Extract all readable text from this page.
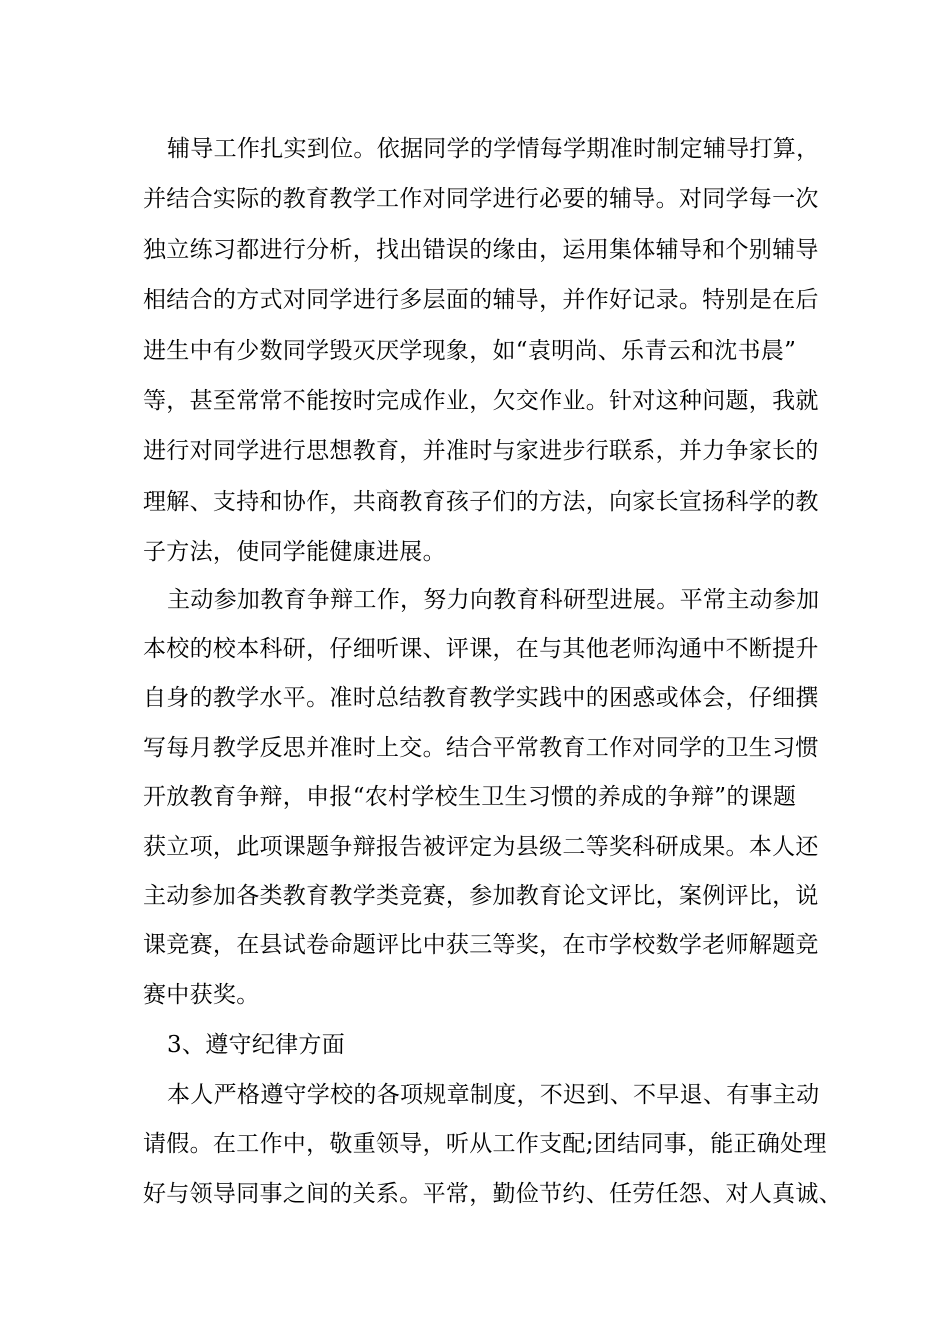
辅导工作扎实到位。依据同学的学情每学期准时制定辅导打算，
并结合实际的教育教学工作对同学进行必要的辅导。对同学每一次
独立练习都进行分析，找出错误的缘由，运用集体辅导和个别辅导
相结合的方式对同学进行多层面的辅导，并作好记录。特别是在后
进生中有少数同学毁灭厌学现象，如“袁明尚、乐青云和沈书晨”
等，甚至常常不能按时完成作业，欠交作业。针对这种问题，我就
进行对同学进行思想教育，并准时与家进步行联系，并力争家长的
理解、支持和协作，共商教育孩子们的方法，向家长宣扬科学的教
子方法，使同学能健康进展。
主动参加教育争辩工作，努力向教育科研型进展。平常主动参加
本校的校本科研，仔细听课、评课，在与其他老师沟通中不断提升
自身的教学水平。准时总结教育教学实践中的困惑或体会，仔细撰
写每月教学反思并准时上交。结合平常教育工作对同学的卫生习惯
开放教育争辩，申报“农村学校生卫生习惯的养成的争辩”的课题
获立项，此项课题争辩报告被评定为县级二等奖科研成果。本人还
主动参加各类教育教学类竞赛，参加教育论文评比，案例评比，说
课竞赛，在县试卷命题评比中获三等奖，在市学校数学老师解题竞
赛中获奖。
3、遵守纪律方面
本人严格遵守学校的各项规章制度，不迟到、不早退、有事主动
请假。在工作中，敬重领导，听从工作支配;团结同事，能正确处理
好与领导同事之间的关系。平常，勤俭节约、任劳任怨、对人真诚、
